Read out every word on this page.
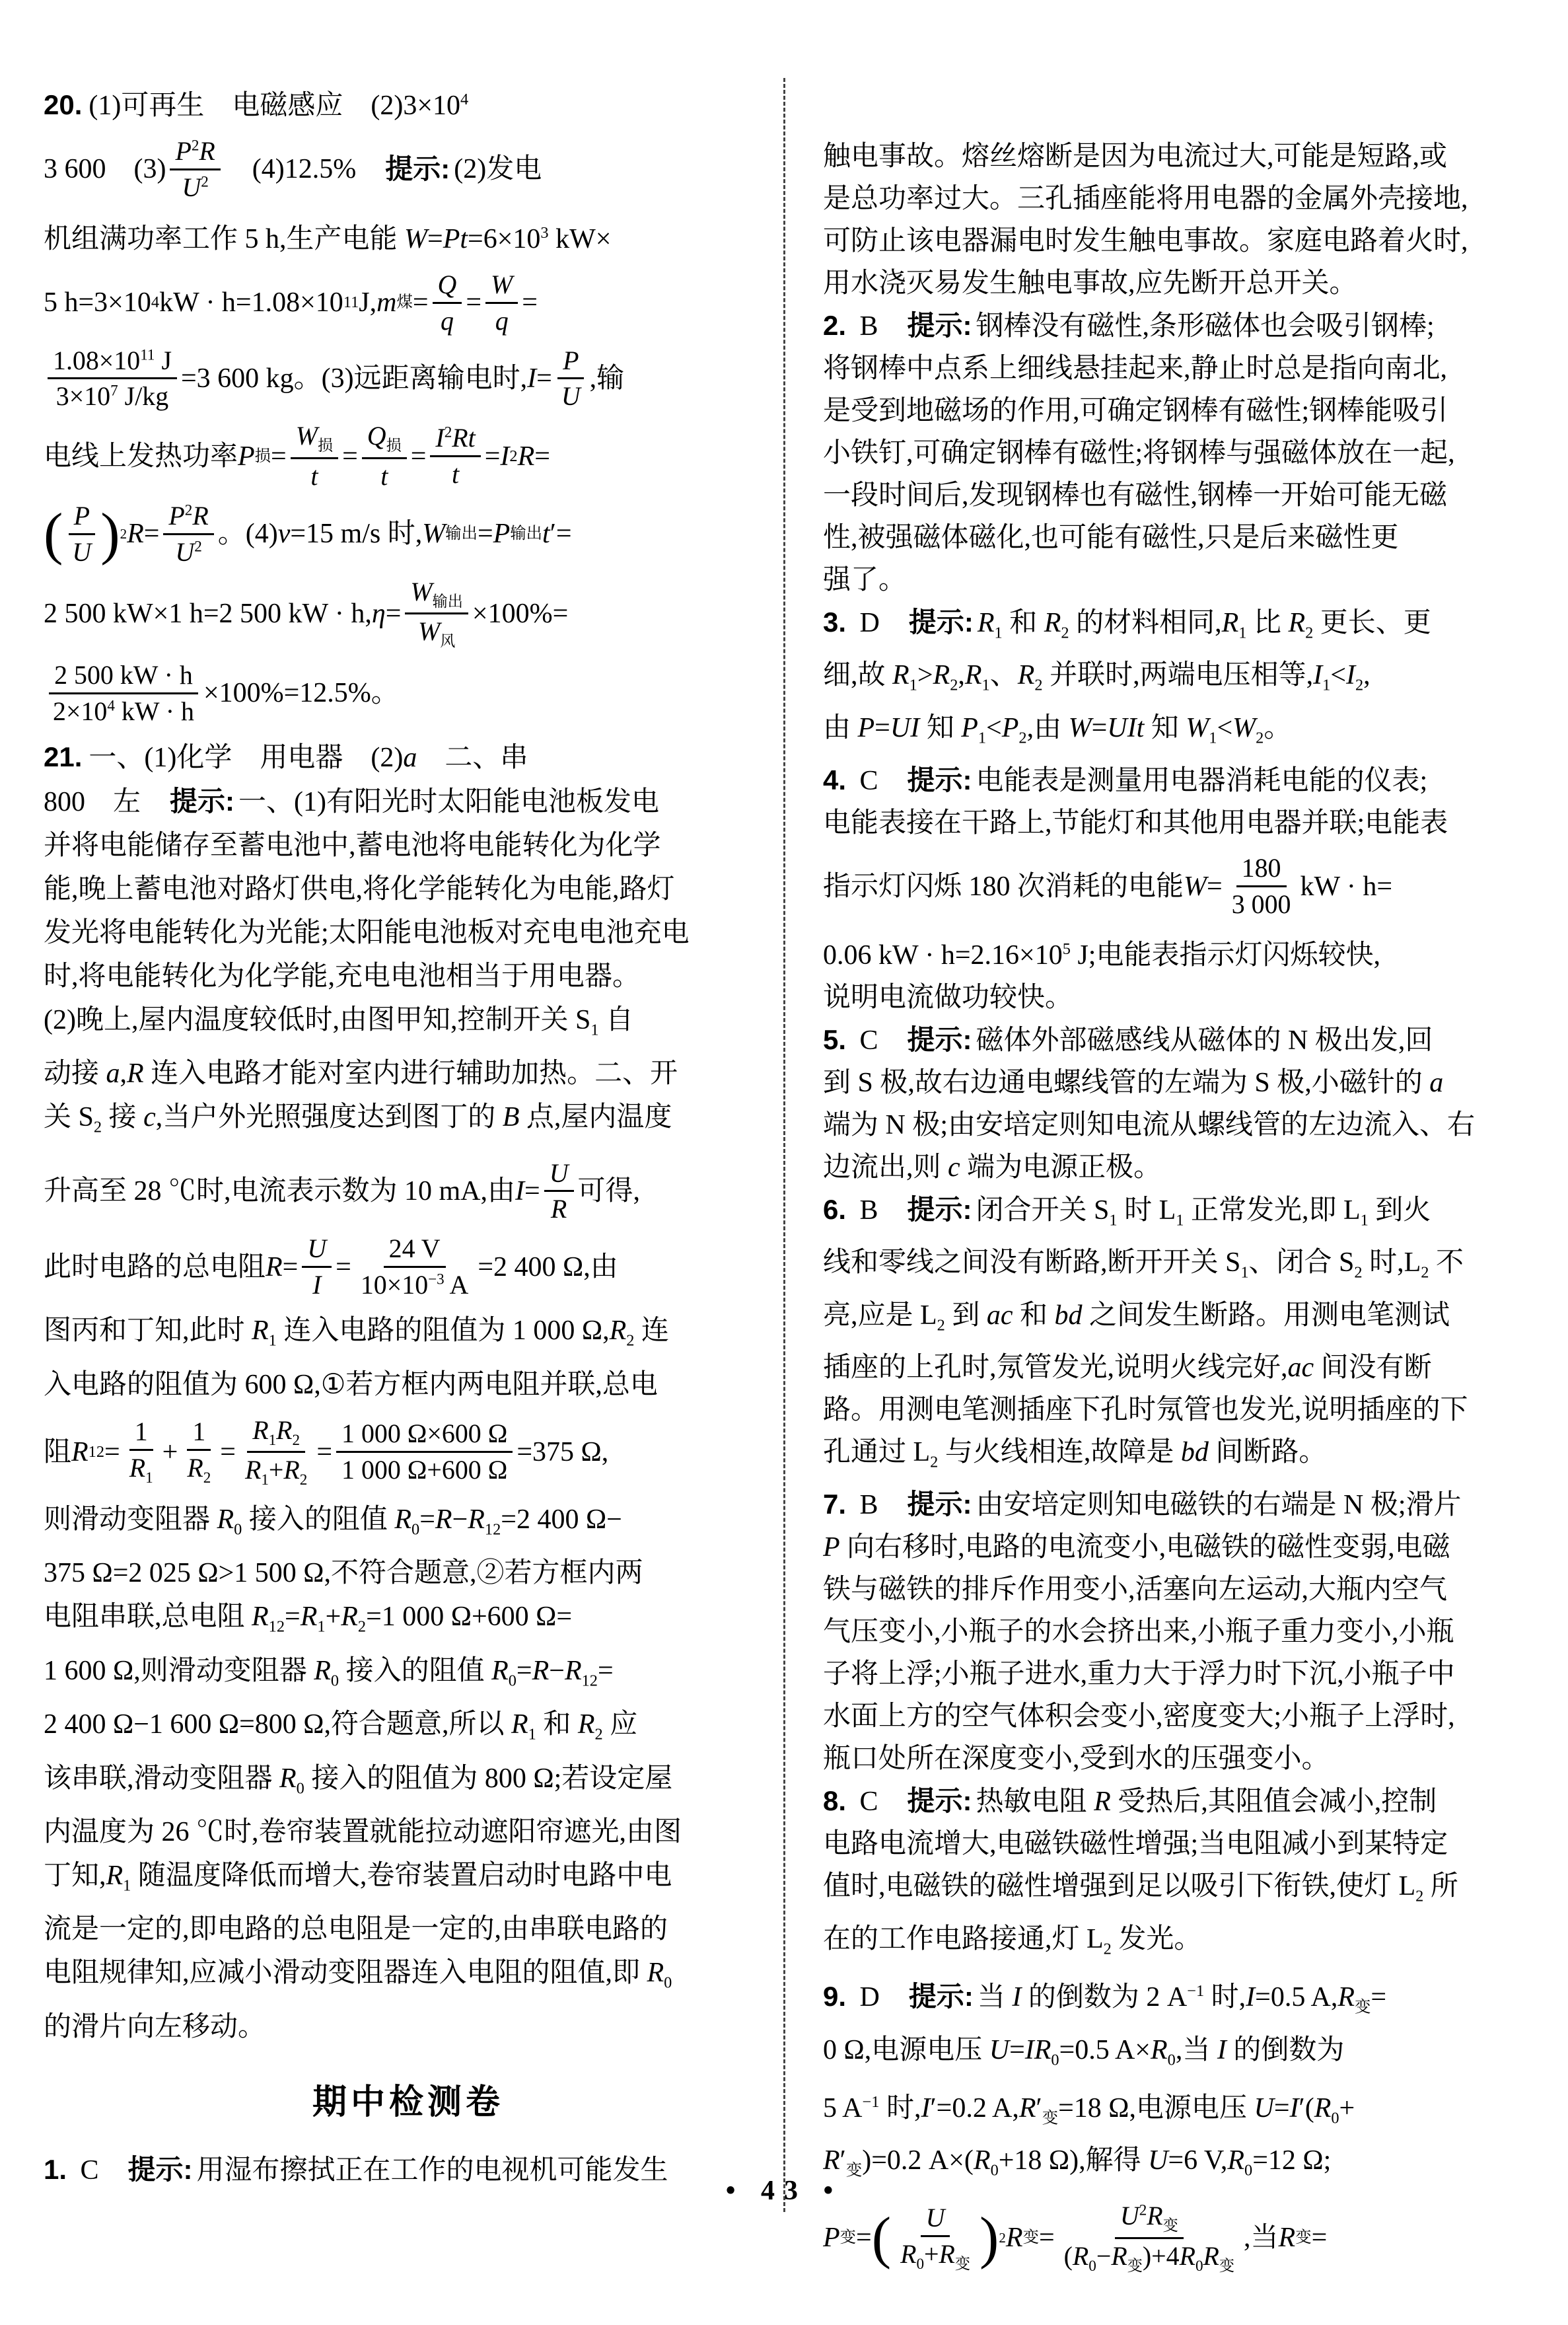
20. (1)可再生　电磁感应　$(2)3\times 10^4$
3 600　(3)
$P^2R$
$U^2$ 　(4)12.5%　 提示: (2)发电
机组满功率工作 5 h,生产电能 $W=Pt=6\times 10^3$ kW×
5 h=3×10 4 kW · h=1.08×10 11 J, m 煤 =
Q
q
=
W
q
=
$1.08\times 10^{11}$ J
$3\times 10^7$ J/kg
=3 600 kg。(3)远距离输电时, I =
P
U
,输
电线上发热功率 P 损 =
$W_损$
t
=
$Q_损$
t
=
$I^2Rt$
t
= I 2 R =
( P
U ) 2 R =
$P^2R$
$U^2$ 。(4) v =15 m/s 时, W 输出 = P 输出 t ′=
2 500 kW×1 h=2 500 kW · h, η =
$W_{输出}$
$W_风$
×100%=
2 500 kW · h
$2\times 10^4$ kW · h
×100%=12.5%。
21. 一、(1)化学　用电器　(2)a　二、串
800　左　提示: 一、(1)有阳光时太阳能电池板发电
并将电能储存至蓄电池中,蓄电池将电能转化为化学
能,晚上蓄电池对路灯供电,将化学能转化为电能,路灯
发光将电能转化为光能;太阳能电池板对充电电池充电
时,将电能转化为化学能,充电电池相当于用电器。
(2)晚上,屋内温度较低时,由图甲知,控制开关 $S_1$ 自
动接 a,R 连入电路才能对室内进行辅助加热。二、开
关 $S_2$ 接 c,当户外光照强度达到图丁的 B 点,屋内温度
升高至 28 ℃时,电流表示数为 10 mA,由 I =
U
R
可得,
此时电路的总电阻 R =
U
I
=
24 V
$10\times 10^{-3}$ A
=2 400 Ω,由
图丙和丁知,此时 $R_1$ 连入电路的阻值为 1 000 $\Omega,R_2$ 连
入电路的阻值为 600 Ω,①若方框内两电阻并联,总电
阻 R 12 =
1
$R_1$
+
1
$R_2$
=
$R_1R_2$
$R_1+R_2$
=
1 000 Ω×600 Ω
1 000 Ω+600 Ω
=375 Ω,
则滑动变阻器 $R_0$ 接入的阻值 $R_0=R-R_{12}=2$ 400 Ω−
375 Ω=2 025 Ω>1 500 Ω,不符合题意,②若方框内两
电阻串联,总电阻 $R_{12}=R_1+R_2=1$ 000 Ω+600 Ω=
1 600 Ω,则滑动变阻器 $R_0$ 接入的阻值 $R_0=R-R_{12}=$
2 400 Ω−1 600 Ω=800 Ω,符合题意,所以 $R_1$ 和 $R_2$ 应
该串联,滑动变阻器 $R_0$ 接入的阻值为 800 Ω;若设定屋
内温度为 26 ℃时,卷帘装置就能拉动遮阳帘遮光,由图
丁知$,R_1$ 随温度降低而增大,卷帘装置启动时电路中电
流是一定的,即电路的总电阻是一定的,由串联电路的
电阻规律知,应减小滑动变阻器连入电阻的阻值,即 $R_0$
的滑片向左移动。
期中检测卷
1. C　提示: 用湿布擦拭正在工作的电视机可能发生
触电事故。熔丝熔断是因为电流过大,可能是短路,或
是总功率过大。三孔插座能将用电器的金属外壳接地,
可防止该电器漏电时发生触电事故。家庭电路着火时,
用水浇灭易发生触电事故,应先断开总开关。
2. B　提示: 钢棒没有磁性,条形磁体也会吸引钢棒;
将钢棒中点系上细线悬挂起来,静止时总是指向南北,
是受到地磁场的作用,可确定钢棒有磁性;钢棒能吸引
小铁钉,可确定钢棒有磁性;将钢棒与强磁体放在一起,
一段时间后,发现钢棒也有磁性,钢棒一开始可能无磁
性,被强磁体磁化,也可能有磁性,只是后来磁性更
强了。
3. D　提示: $R_1$ 和 $R_2$ 的材料相同$,R_1$ 比 $R_2$ 更长、更
细,故 $R_1>R_2,R_1$、$R_2$ 并联时,两端电压相等$,I_1<I_2$,
由 P=UI 知 $P_1<P_2$,由 W=UIt 知 $W_1<W_2$。
4. C　提示: 电能表是测量用电器消耗电能的仪表;
电能表接在干路上,节能灯和其他用电器并联;电能表
指示灯闪烁 180 次消耗的电能 W =
180
3 000
kW · h=
0.06 kW · $h=2.16\times 10^5$ J;电能表指示灯闪烁较快,
说明电流做功较快。
5. C　提示: 磁体外部磁感线从磁体的 N 极出发,回
到 S 极,故右边通电螺线管的左端为 S 极,小磁针的 a
端为 N 极;由安培定则知电流从螺线管的左边流入、右
边流出,则 c 端为电源正极。
6. B　提示: 闭合开关 $S_1$ 时 $L_1$ 正常发光,即 $L_1$ 到火
线和零线之间没有断路,断开开关 $S_1$、闭合 $S_2$ 时$,L_2$ 不
亮,应是 $L_2$ 到 ac 和 bd 之间发生断路。用测电笔测试
插座的上孔时,氖管发光,说明火线完好,ac 间没有断
路。用测电笔测插座下孔时氖管也发光,说明插座的下
孔通过 $L_2$ 与火线相连,故障是 bd 间断路。
7. B　提示: 由安培定则知电磁铁的右端是 N 极;滑片
P 向右移时,电路的电流变小,电磁铁的磁性变弱,电磁
铁与磁铁的排斥作用变小,活塞向左运动,大瓶内空气
气压变小,小瓶子的水会挤出来,小瓶子重力变小,小瓶
子将上浮;小瓶子进水,重力大于浮力时下沉,小瓶子中
水面上方的空气体积会变小,密度变大;小瓶子上浮时,
瓶口处所在深度变小,受到水的压强变小。
8. C　提示: 热敏电阻 R 受热后,其阻值会减小,控制
电路电流增大,电磁铁磁性增强;当电阻减小到某特定
值时,电磁铁的磁性增强到足以吸引下衔铁,使灯 $L_2$ 所
在的工作电路接通,灯 $L_2$ 发光。
9. D　提示: 当 I 的倒数为 2 $A^{-1}$ 时,I=0.5 $A,R_变=$
0 Ω,电源电压 $U=IR_0=0.5$ $A\times R_0$,当 I 的倒数为
5 $A^{-1}$ 时,I′=0.2 $A,R'_变=18$ Ω,电源电压 $U=I'(R_0+$
$R'_变)=0.2$ $A\times(R_0+18$ Ω),解得 U=6 $V,R_0=12$ Ω;
P 变 = ( U
$R_0+R_变$ ) 2 R 变 =
$U^2R_变$
$(R_0-R_变)+4R_0R_变$
,当 R 变 =
• 43 •
